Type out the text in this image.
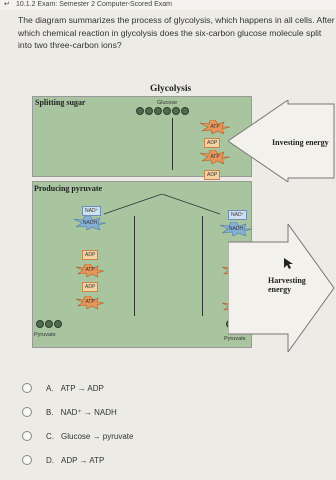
↵ 10.1.2 Exam: Semester 2 Computer-Scored Exam
The diagram summarizes the process of glycolysis, which happens in all cells. After which chemical reaction in glycolysis does the six-carbon glucose molecule split into two three-carbon ions?
Glycolysis
Splitting sugar	Glucose
ATP
ADP
ATP
ADP
Investing energy
Producing pyruvate
NAD⁺
NADH
NAD⁺
NADH
ADP
ATP
ADP
ATP
Pyruvate
Pyruvate
Harvesting energy
A. ATP → ADP
B. NAD⁺ → NADH
C. Glucose → pyruvate
D. ADP → ATP
